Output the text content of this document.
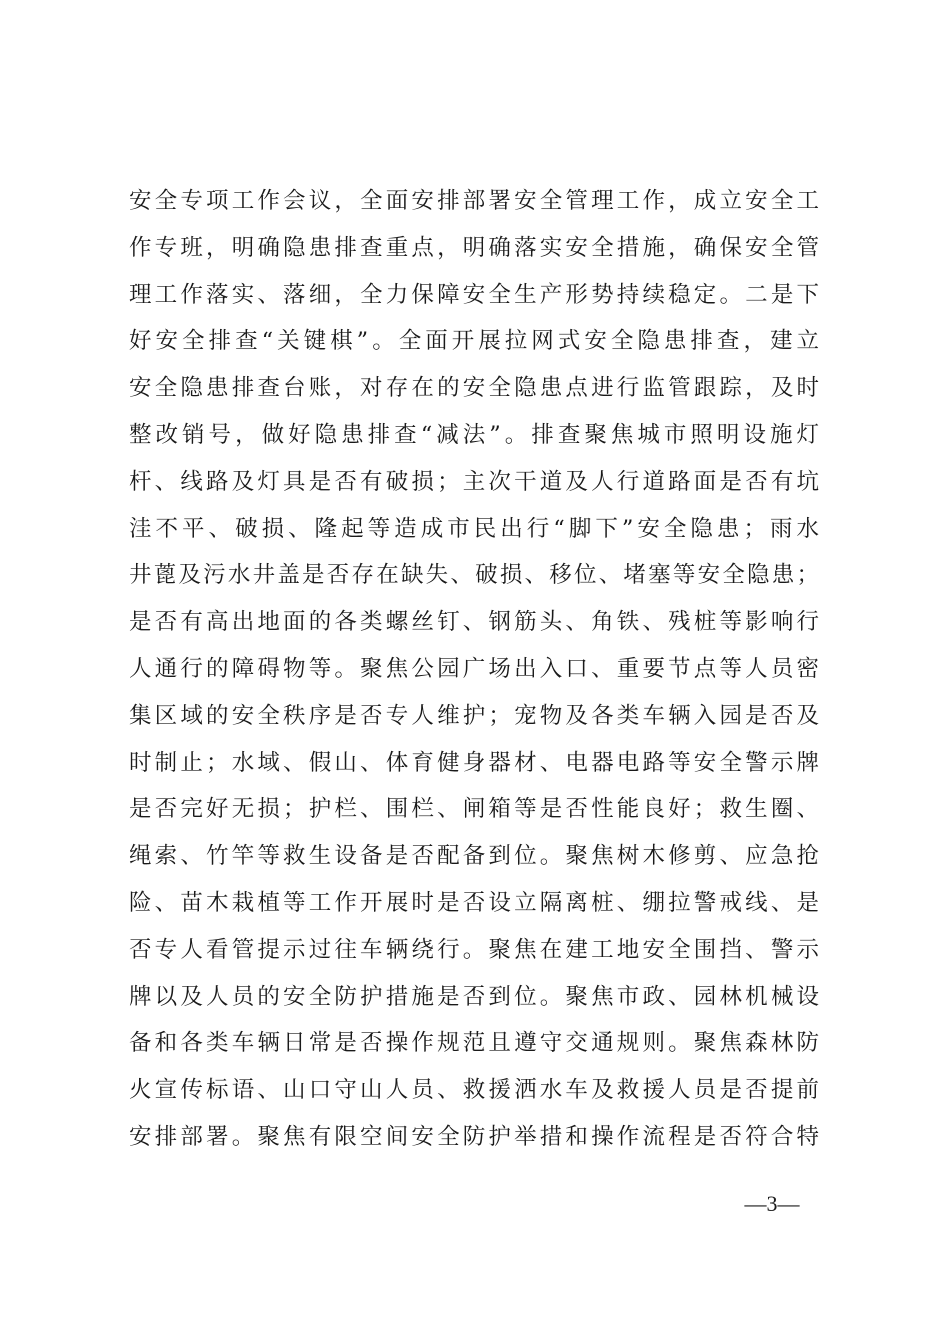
安全专项工作会议，全面安排部署安全管理工作，成立安全工
作专班，明确隐患排查重点，明确落实安全措施，确保安全管
理工作落实、落细，全力保障安全生产形势持续稳定。二是下
好安全排查“关键棋”。全面开展拉网式安全隐患排查，建立
安全隐患排查台账，对存在的安全隐患点进行监管跟踪，及时
整改销号，做好隐患排查“减法”。排查聚焦城市照明设施灯
杆、线路及灯具是否有破损；主次干道及人行道路面是否有坑
洼不平、破损、隆起等造成市民出行“脚下”安全隐患；雨水
井蓖及污水井盖是否存在缺失、破损、移位、堵塞等安全隐患；
是否有高出地面的各类螺丝钉、钢筋头、角铁、残桩等影响行
人通行的障碍物等。聚焦公园广场出入口、重要节点等人员密
集区域的安全秩序是否专人维护；宠物及各类车辆入园是否及
时制止；水域、假山、体育健身器材、电器电路等安全警示牌
是否完好无损；护栏、围栏、闸箱等是否性能良好；救生圈、
绳索、竹竿等救生设备是否配备到位。聚焦树木修剪、应急抢
险、苗木栽植等工作开展时是否设立隔离桩、绷拉警戒线、是
否专人看管提示过往车辆绕行。聚焦在建工地安全围挡、警示
牌以及人员的安全防护措施是否到位。聚焦市政、园林机械设
备和各类车辆日常是否操作规范且遵守交通规则。聚焦森林防
火宣传标语、山口守山人员、救援洒水车及救援人员是否提前
安排部署。聚焦有限空间安全防护举措和操作流程是否符合特
—3—
